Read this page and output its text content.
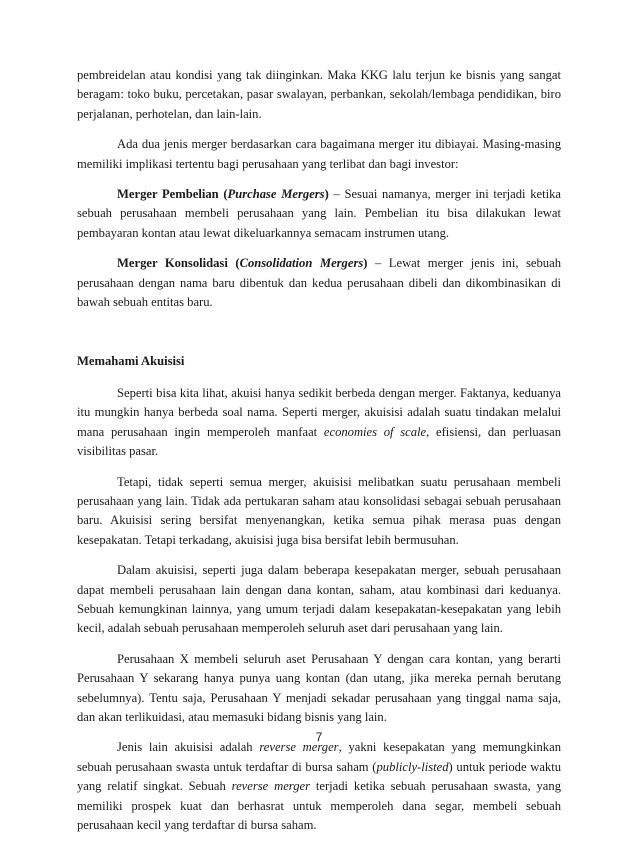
pembreidelan atau kondisi yang tak diinginkan. Maka KKG lalu terjun ke bisnis yang sangat beragam: toko buku, percetakan, pasar swalayan, perbankan, sekolah/lembaga pendidikan, biro perjalanan, perhotelan, dan lain-lain.

Ada dua jenis merger berdasarkan cara bagaimana merger itu dibiayai. Masing-masing memiliki implikasi tertentu bagi perusahaan yang terlibat dan bagi investor:

Merger Pembelian (Purchase Mergers) – Sesuai namanya, merger ini terjadi ketika sebuah perusahaan membeli perusahaan yang lain. Pembelian itu bisa dilakukan lewat pembayaran kontan atau lewat dikeluarkannya semacam instrumen utang.

Merger Konsolidasi (Consolidation Mergers) – Lewat merger jenis ini, sebuah perusahaan dengan nama baru dibentuk dan kedua perusahaan dibeli dan dikombinasikan di bawah sebuah entitas baru.

Memahami Akuisisi

Seperti bisa kita lihat, akuisi hanya sedikit berbeda dengan merger. Faktanya, keduanya itu mungkin hanya berbeda soal nama. Seperti merger, akuisisi adalah suatu tindakan melalui mana perusahaan ingin memperoleh manfaat economies of scale, efisiensi, dan perluasan visibilitas pasar.

Tetapi, tidak seperti semua merger, akuisisi melibatkan suatu perusahaan membeli perusahaan yang lain. Tidak ada pertukaran saham atau konsolidasi sebagai sebuah perusahaan baru. Akuisisi sering bersifat menyenangkan, ketika semua pihak merasa puas dengan kesepakatan. Tetapi terkadang, akuisisi juga bisa bersifat lebih bermusuhan.

Dalam akuisisi, seperti juga dalam beberapa kesepakatan merger, sebuah perusahaan dapat membeli perusahaan lain dengan dana kontan, saham, atau kombinasi dari keduanya. Sebuah kemungkinan lainnya, yang umum terjadi dalam kesepakatan-kesepakatan yang lebih kecil, adalah sebuah perusahaan memperoleh seluruh aset dari perusahaan yang lain.

Perusahaan X membeli seluruh aset Perusahaan Y dengan cara kontan, yang berarti Perusahaan Y sekarang hanya punya uang kontan (dan utang, jika mereka pernah berutang sebelumnya). Tentu saja, Perusahaan Y menjadi sekadar perusahaan yang tinggal nama saja, dan akan terlikuidasi, atau memasuki bidang bisnis yang lain.

Jenis lain akuisisi adalah reverse merger, yakni kesepakatan yang memungkinkan sebuah perusahaan swasta untuk terdaftar di bursa saham (publicly-listed) untuk periode waktu yang relatif singkat. Sebuah reverse merger terjadi ketika sebuah perusahaan swasta, yang memiliki prospek kuat dan berhasrat untuk memperoleh dana segar, membeli sebuah perusahaan kecil yang terdaftar di bursa saham.

7
